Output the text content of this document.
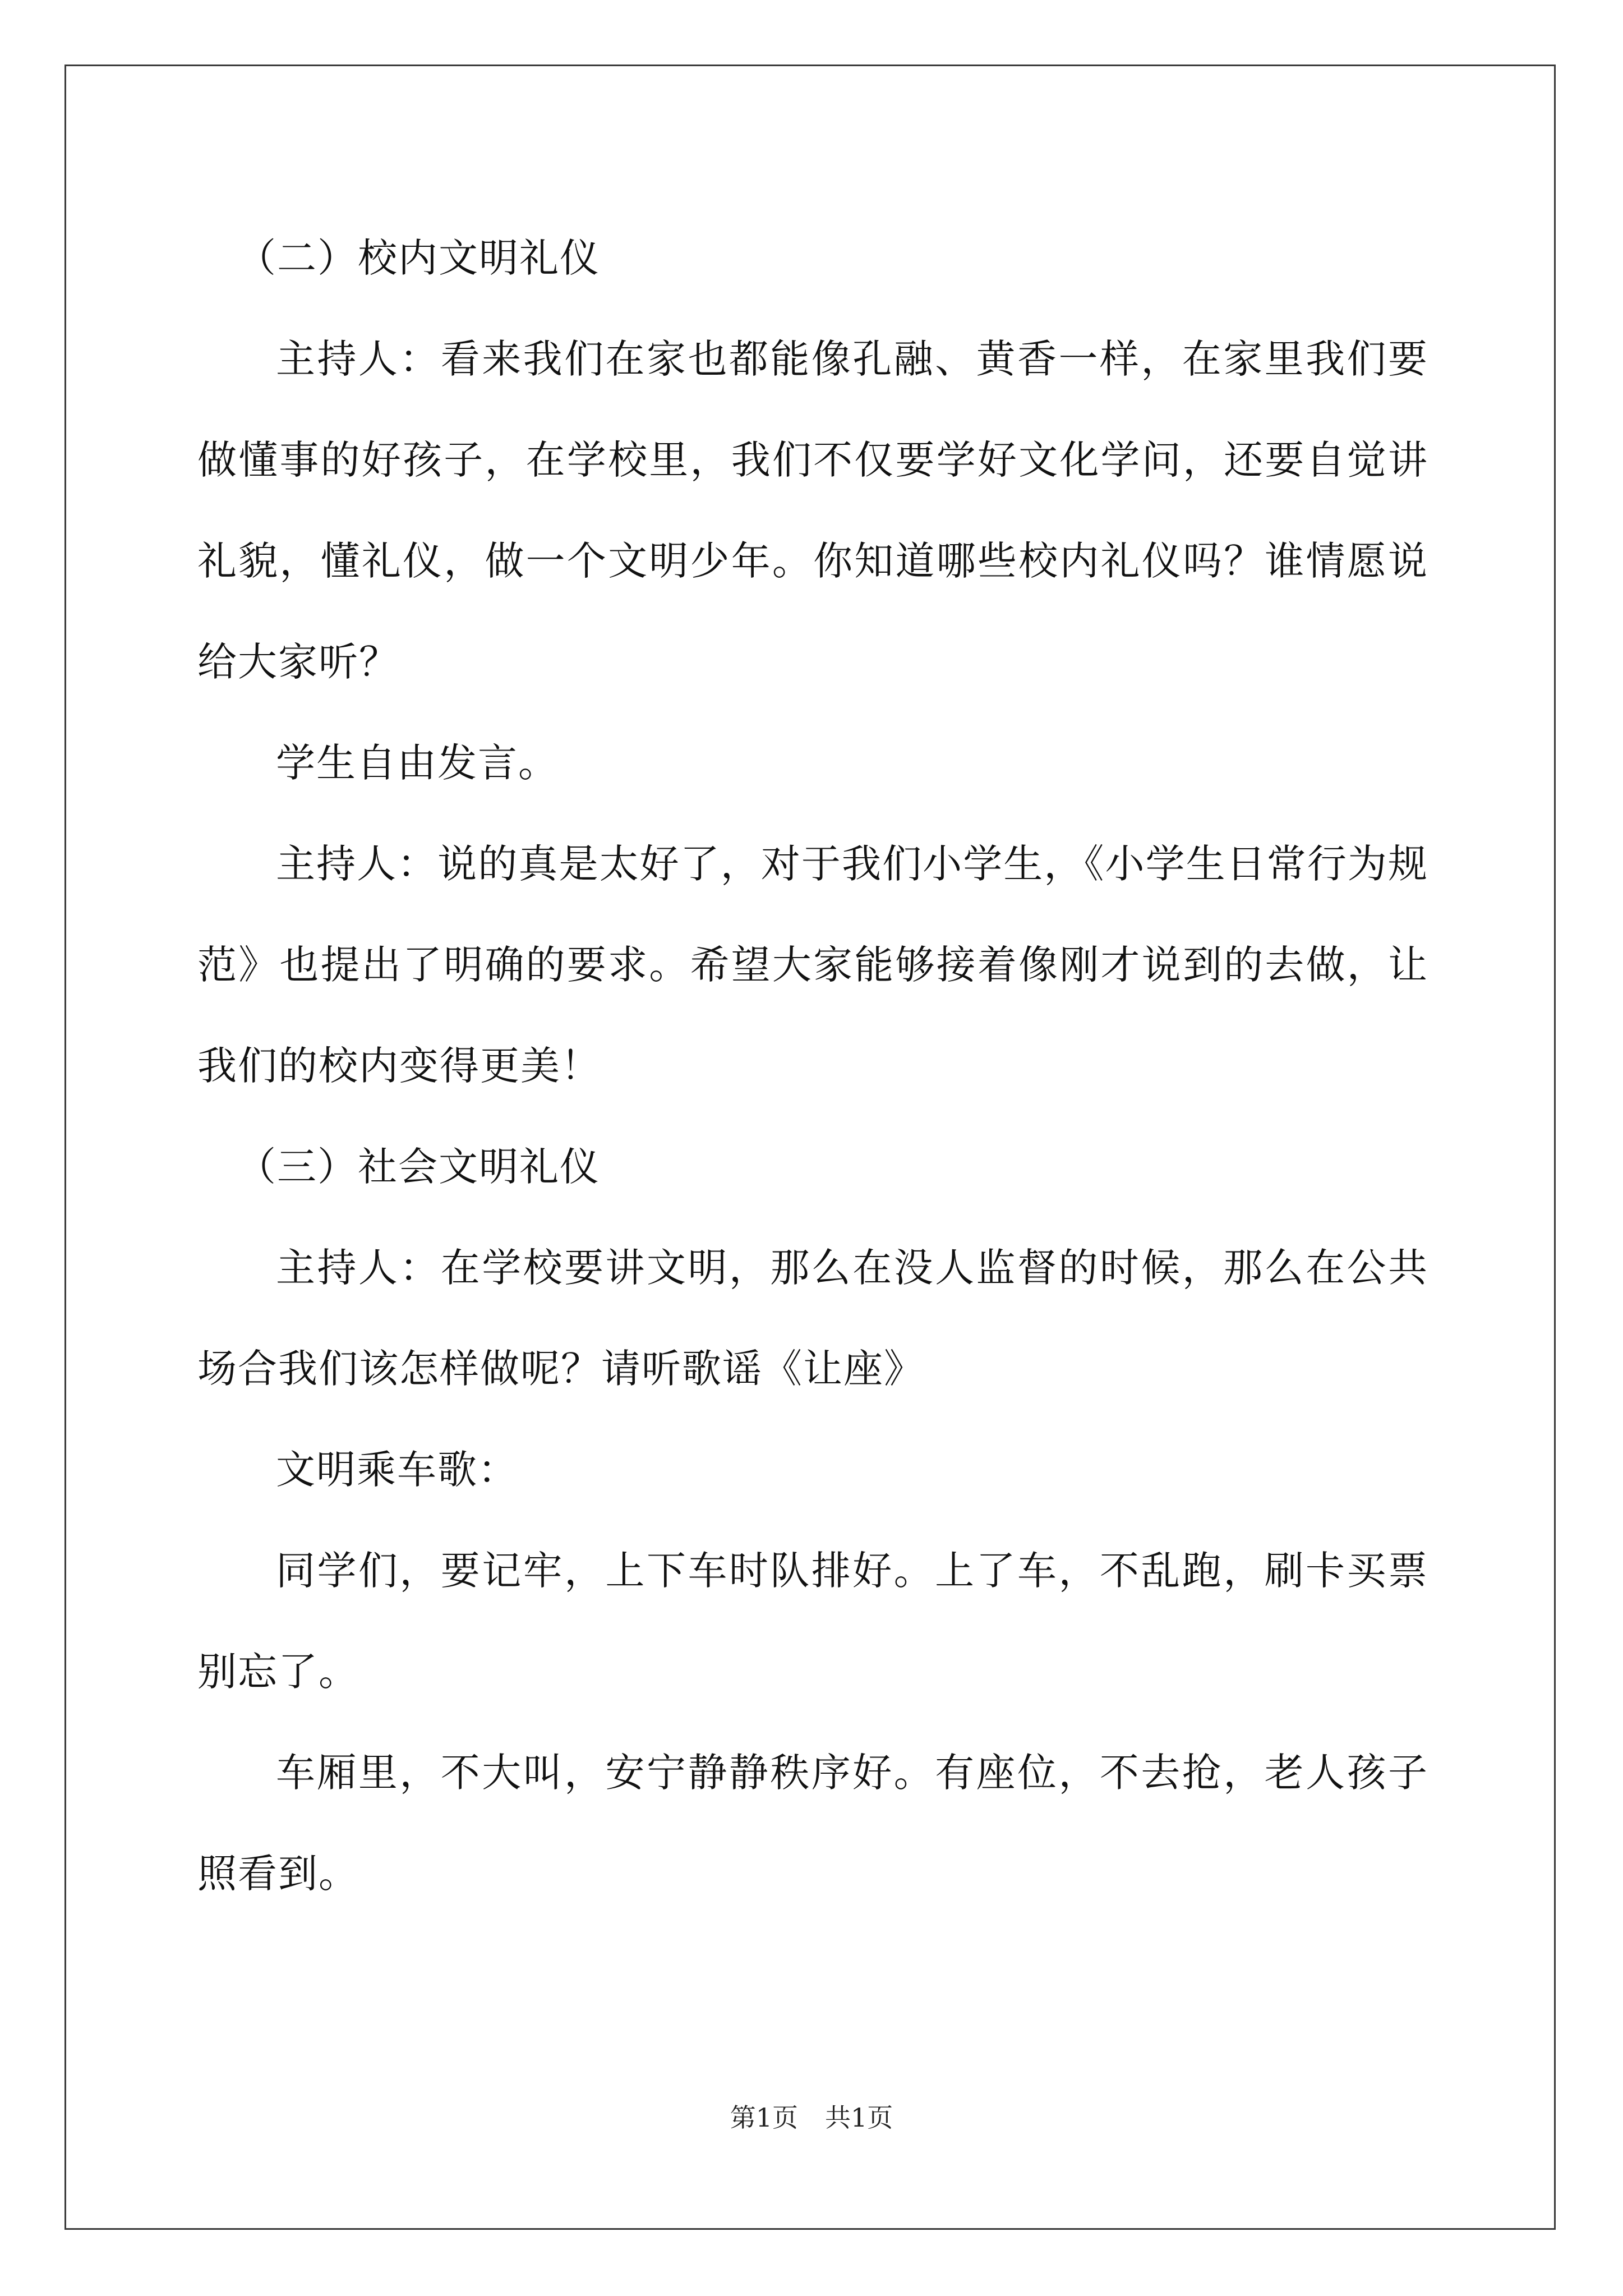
（二）校内文明礼仪

主持人：看来我们在家也都能像孔融、黄香一样，在家里我们要做懂事的好孩子，在学校里，我们不仅要学好文化学问，还要自觉讲礼貌，懂礼仪，做一个文明少年。你知道哪些校内礼仪吗？谁情愿说给大家听？

学生自由发言。

主持人：说的真是太好了，对于我们小学生，《小学生日常行为规范》也提出了明确的要求。希望大家能够接着像刚才说到的去做，让我们的校内变得更美！

（三）社会文明礼仪

主持人：在学校要讲文明，那么在没人监督的时候，那么在公共场合我们该怎样做呢？请听歌谣《让座》

文明乘车歌：

同学们，要记牢，上下车时队排好。上了车，不乱跑，刷卡买票别忘了。

车厢里，不大叫，安宁静静秩序好。有座位，不去抢，老人孩子照看到。

第1页 共1页
